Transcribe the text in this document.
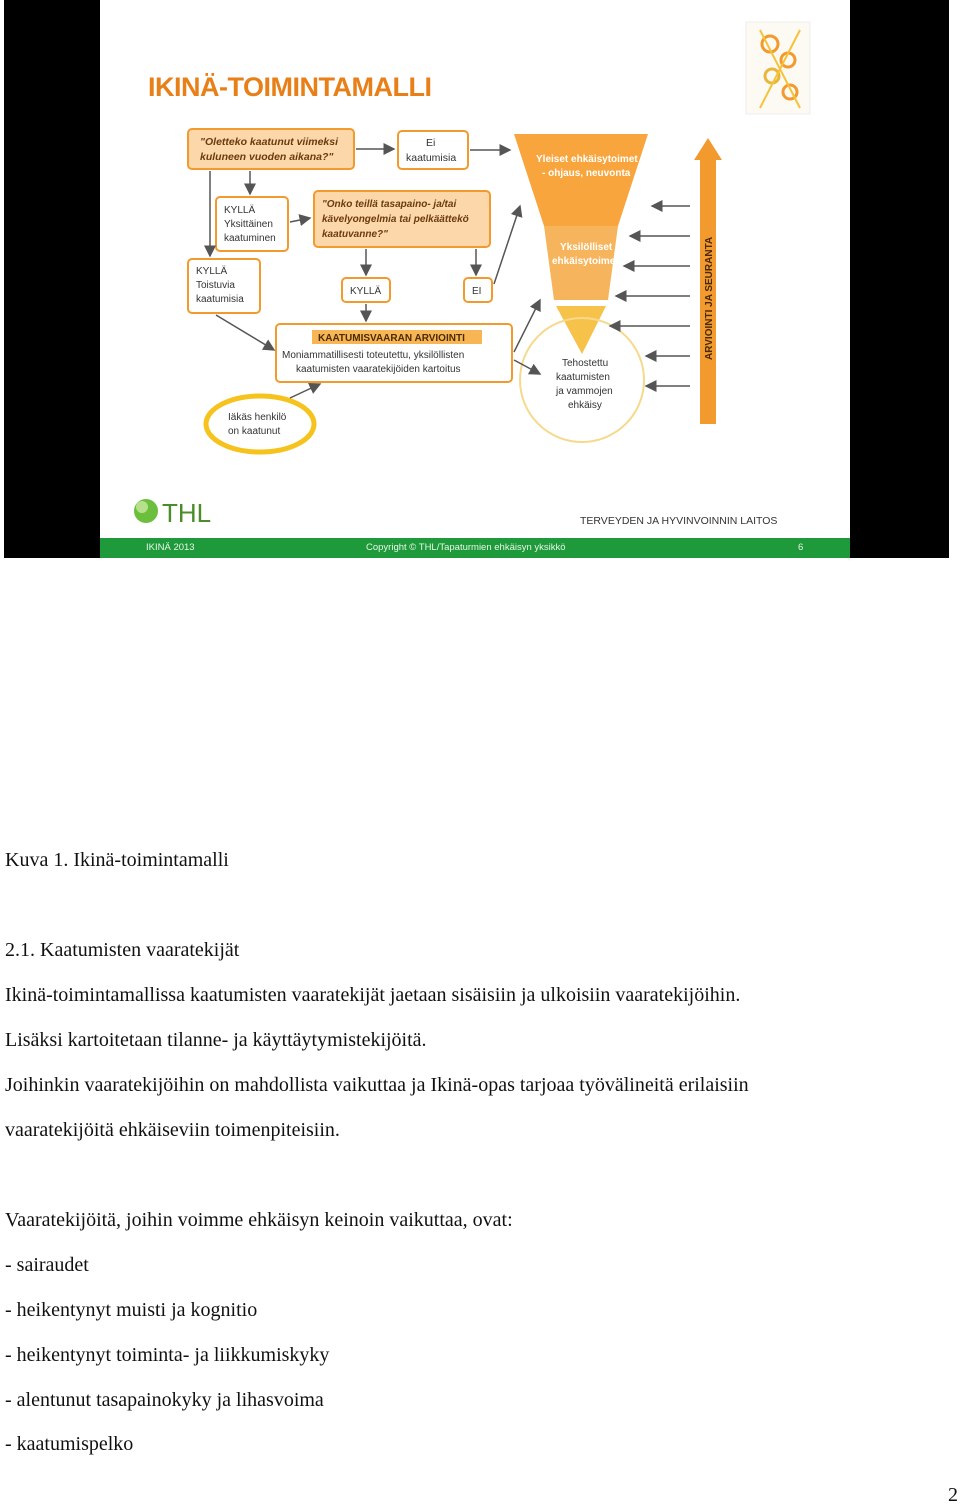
IKINÄ-TOIMINTAMALLI
"Oletteko kaatunut viimeksi
kuluneen vuoden aikana?"
Ei
kaatumisia
KYLLÄ
Yksittäinen
kaatuminen
"Onko teillä tasapaino- ja/tai
kävelyongelmia tai pelkäättekö
kaatuvanne?"
KYLLÄ
Toistuvia
kaatumisia
KYLLÄ	EI
KAATUMISVAARAN ARVIOINTI
Moniammatillisesti toteutettu, yksilöllisten
kaatumisten vaaratekijöiden kartoitus
Iäkäs henkilö
on kaatunut
Yleiset ehkäisytoimet
- ohjaus, neuvonta
Yksilölliset
ehkäisytoimet
Tehostettu
kaatumisten
ja vammojen
ehkäisy
ARVIOINTI JA SEURANTA
THL	TERVEYDEN JA HYVINVOINNIN LAITOS
IKINÄ 2013	Copyright © THL/Tapaturmien ehkäisyn yksikkö	6
Kuva 1. Ikinä-toimintamalli
2.1. Kaatumisten vaaratekijät
Ikinä-toimintamallissa kaatumisten vaaratekijät jaetaan sisäisiin ja ulkoisiin vaaratekijöihin.
Lisäksi kartoitetaan tilanne- ja käyttäytymistekijöitä.
Joihinkin vaaratekijöihin on mahdollista vaikuttaa ja Ikinä-opas tarjoaa työvälineitä erilaisiin
vaaratekijöitä ehkäiseviin toimenpiteisiin.
Vaaratekijöitä, joihin voimme ehkäisyn keinoin vaikuttaa, ovat:
- sairaudet
- heikentynyt muisti ja kognitio
- heikentynyt toiminta- ja liikkumiskyky
- alentunut tasapainokyky ja lihasvoima
- kaatumispelko
2
